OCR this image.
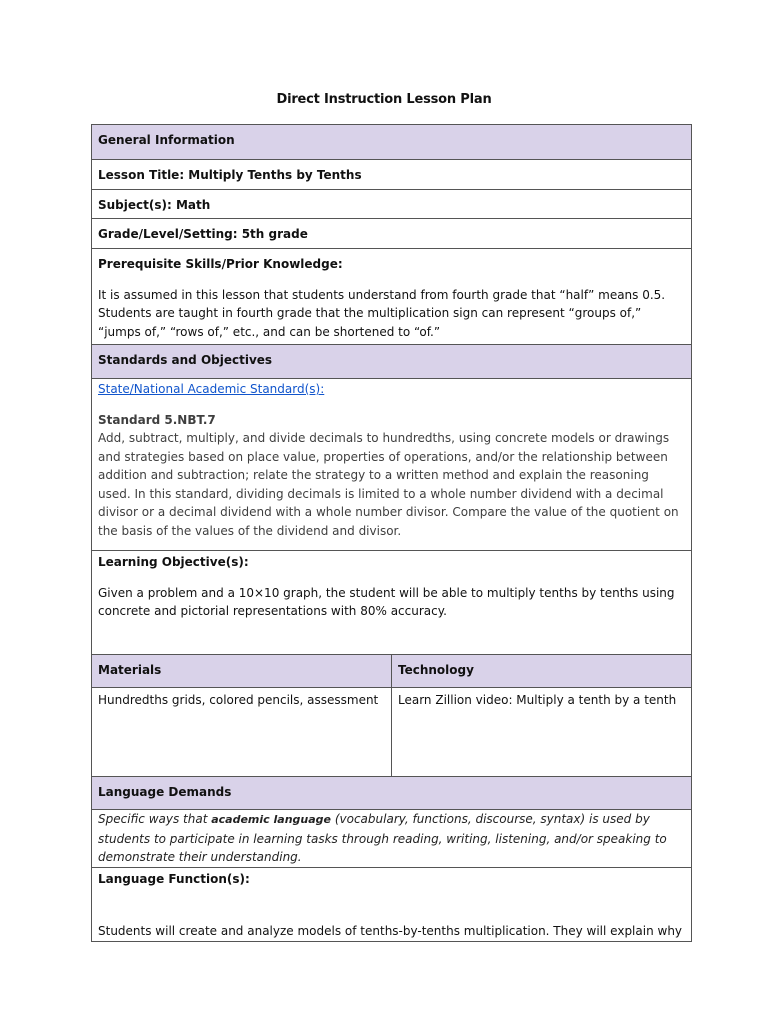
Direct Instruction Lesson Plan
General Information	
Lesson Title: Multiply Tenths by Tenths	
Subject(s): Math	
Grade/Level/Setting: 5th grade	

Prerequisite Skills/Prior Knowledge:

It is assumed in this lesson that students understand from fourth grade that “half” means 0.5. Students are taught in fourth grade that the multiplication sign can represent “groups of,” “jumps of,” “rows of,” etc., and can be shortened to “of.”	

Standards and Objectives	

State/National Academic Standard(s):
Standard 5.NBT.7

Add, subtract, multiply, and divide decimals to hundredths, using concrete models or drawings and strategies based on place value, properties of operations, and/or the relationship between addition and subtraction; relate the strategy to a written method and explain the reasoning used. In this standard, dividing decimals is limited to a whole number dividend with a decimal divisor or a decimal dividend with a whole number divisor. Compare the value of the quotient on the basis of the values of the dividend and divisor.	

Learning Objective(s):

Given a problem and a 10×10 graph, the student will be able to multiply tenths by tenths using concrete and pictorial representations with 80% accuracy.	

Materials	Technology
Hundredths grids, colored pencils, assessment	Learn Zillion video: Multiply a tenth by a tenth
Language Demands	
Specific ways that academic language (vocabulary, functions, discourse, syntax) is used by students to participate in learning tasks through reading, writing, listening, and/or speaking to demonstrate their understanding.	

Language Function(s):

Students will create and analyze models of tenths-by-tenths multiplication. They will explain why	
